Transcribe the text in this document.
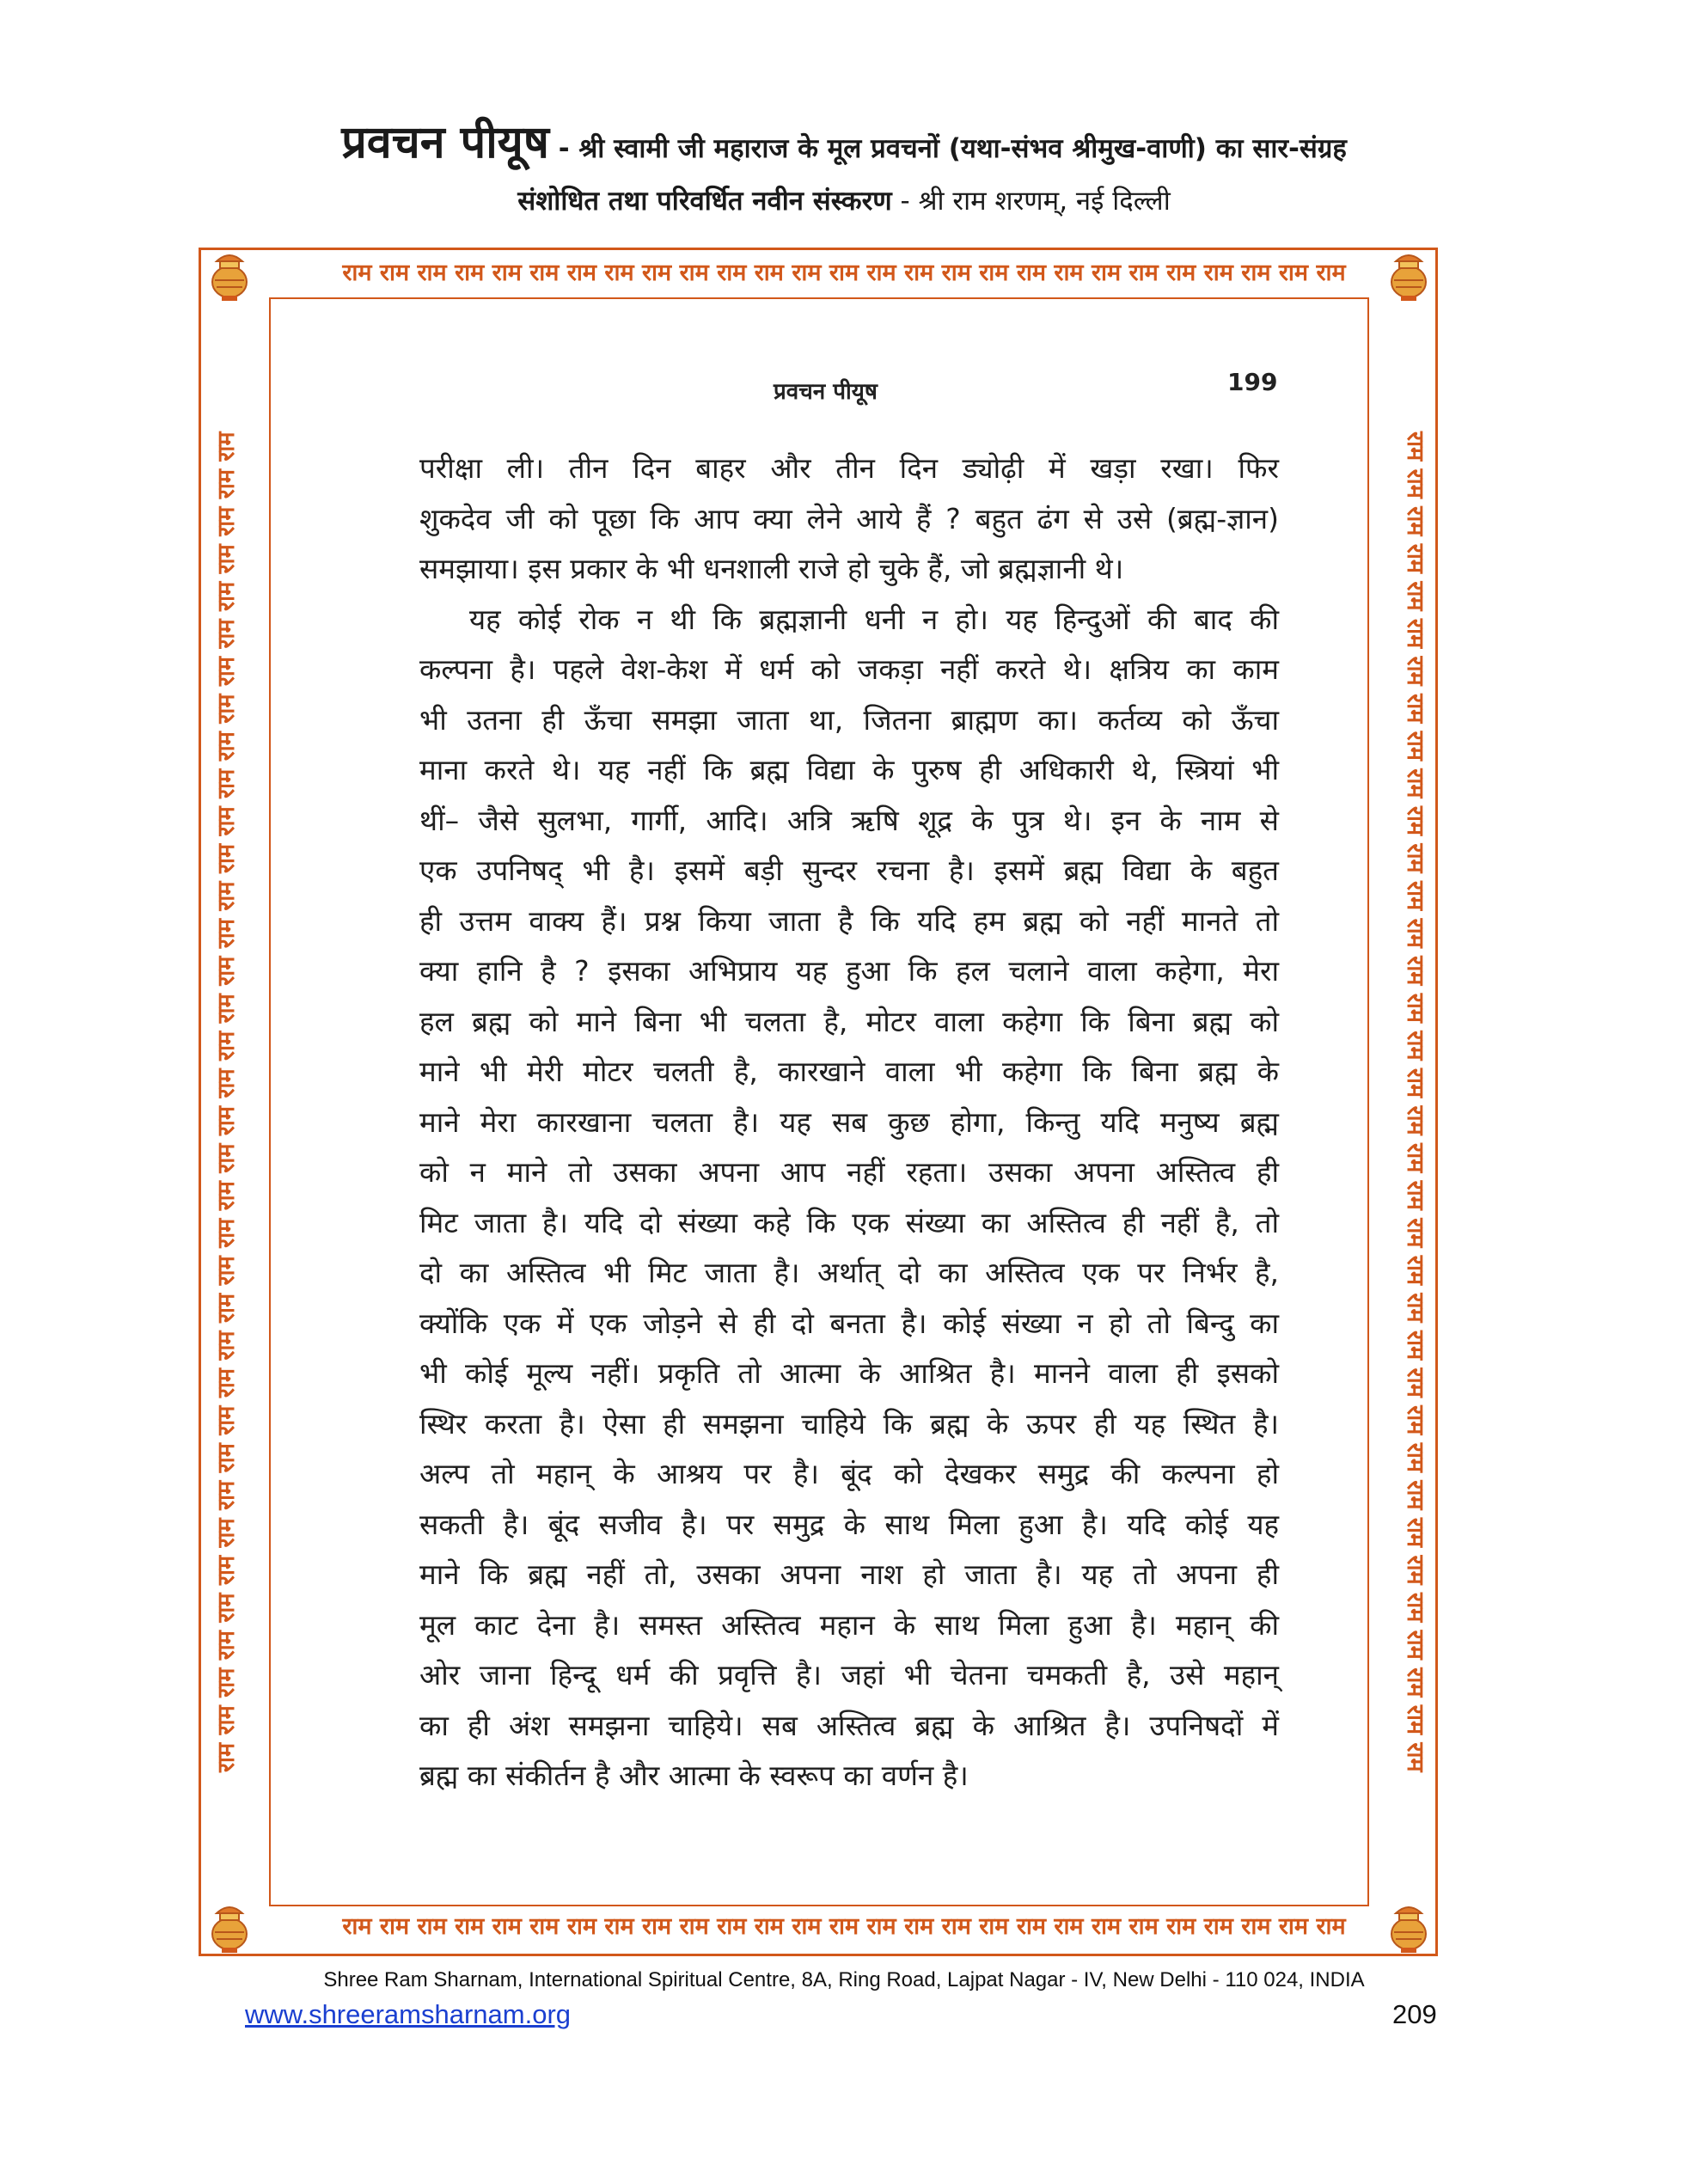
प्रवचन पीयूष - श्री स्वामी जी महाराज के मूल प्रवचनों (यथा-संभव श्रीमुख-वाणी) का सार-संग्रह
संशोधित तथा परिवर्धित नवीन संस्करण - श्री राम शरणम्, नई दिल्ली
राम राम राम राम राम राम राम राम राम राम राम राम राम राम राम राम राम राम राम राम राम राम राम राम राम राम राम
राम राम राम राम राम राम राम राम राम राम राम राम राम राम राम राम राम राम राम राम राम राम राम राम राम राम राम
राम राम राम राम राम राम राम राम राम राम राम राम राम राम राम राम राम राम राम राम राम राम राम राम राम राम राम राम राम राम राम राम राम राम राम राम	राम राम राम राम राम राम राम राम राम राम राम राम राम राम राम राम राम राम राम राम राम राम राम राम राम राम राम राम राम राम राम राम राम राम राम राम
प्रवचन पीयूष	199
परीक्षा ली। तीन दिन बाहर और तीन दिन ड्योढ़ी में खड़ा रखा। फिर
शुकदेव जी को पूछा कि आप क्या लेने आये हैं ? बहुत ढंग से उसे (ब्रह्म-ज्ञान)
समझाया। इस प्रकार के भी धनशाली राजे हो चुके हैं, जो ब्रह्मज्ञानी थे।
यह कोई रोक न थी कि ब्रह्मज्ञानी धनी न हो। यह हिन्दुओं की बाद की
कल्पना है। पहले वेश-केश में धर्म को जकड़ा नहीं करते थे। क्षत्रिय का काम
भी उतना ही ऊँचा समझा जाता था, जितना ब्राह्मण का। कर्तव्य को ऊँचा
माना करते थे। यह नहीं कि ब्रह्म विद्या के पुरुष ही अधिकारी थे, स्त्रियां भी
थीं– जैसे सुलभा, गार्गी, आदि। अत्रि ऋषि शूद्र के पुत्र थे। इन के नाम से
एक उपनिषद् भी है। इसमें बड़ी सुन्दर रचना है। इसमें ब्रह्म विद्या के बहुत
ही उत्तम वाक्य हैं। प्रश्न किया जाता है कि यदि हम ब्रह्म को नहीं मानते तो
क्या हानि है ? इसका अभिप्राय यह हुआ कि हल चलाने वाला कहेगा, मेरा
हल ब्रह्म को माने बिना भी चलता है, मोटर वाला कहेगा कि बिना ब्रह्म को
माने भी मेरी मोटर चलती है, कारखाने वाला भी कहेगा कि बिना ब्रह्म के
माने मेरा कारखाना चलता है। यह सब कुछ होगा, किन्तु यदि मनुष्य ब्रह्म
को न माने तो उसका अपना आप नहीं रहता। उसका अपना अस्तित्व ही
मिट जाता है। यदि दो संख्या कहे कि एक संख्या का अस्तित्व ही नहीं है, तो
दो का अस्तित्व भी मिट जाता है। अर्थात् दो का अस्तित्व एक पर निर्भर है,
क्योंकि एक में एक जोड़ने से ही दो बनता है। कोई संख्या न हो तो बिन्दु का
भी कोई मूल्य नहीं। प्रकृति तो आत्मा के आश्रित है। मानने वाला ही इसको
स्थिर करता है। ऐसा ही समझना चाहिये कि ब्रह्म के ऊपर ही यह स्थित है।
अल्प तो महान् के आश्रय पर है। बूंद को देखकर समुद्र की कल्पना हो
सकती है। बूंद सजीव है। पर समुद्र के साथ मिला हुआ है। यदि कोई यह
माने कि ब्रह्म नहीं तो, उसका अपना नाश हो जाता है। यह तो अपना ही
मूल काट देना है। समस्त अस्तित्व महान के साथ मिला हुआ है। महान् की
ओर जाना हिन्दू धर्म की प्रवृत्ति है। जहां भी चेतना चमकती है, उसे महान्
का ही अंश समझना चाहिये। सब अस्तित्व ब्रह्म के आश्रित है। उपनिषदों में
ब्रह्म का संकीर्तन है और आत्मा के स्वरूप का वर्णन है।
Shree Ram Sharnam, International Spiritual Centre, 8A, Ring Road, Lajpat Nagar - IV, New Delhi - 110 024, INDIA
www.shreeramsharnam.org	209
